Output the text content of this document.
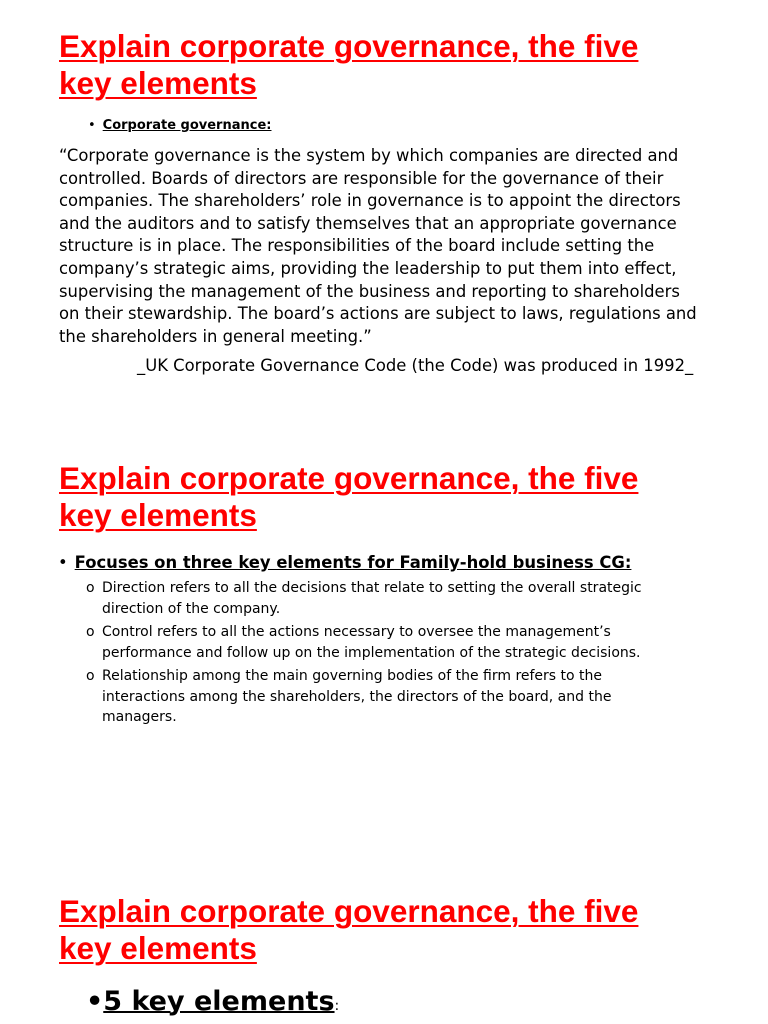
Explain corporate governance, the five
key elements
• Corporate governance:

“Corporate governance is the system by which companies are directed and
controlled. Boards of directors are responsible for the governance of their
companies. The shareholders’ role in governance is to appoint the directors
and the auditors and to satisfy themselves that an appropriate governance
structure is in place. The responsibilities of the board include setting the
company’s strategic aims, providing the leadership to put them into effect,
supervising the management of the business and reporting to shareholders
on their stewardship. The board’s actions are subject to laws, regulations and
the shareholders in general meeting.”

_UK Corporate Governance Code (the Code) was produced in 1992_
Explain corporate governance, the five
key elements
• Focuses on three key elements for Family-hold business CG:
o Direction refers to all the decisions that relate to setting the overall strategic
direction of the company.
o Control refers to all the actions necessary to oversee the management’s
performance and follow up on the implementation of the strategic decisions.
o Relationship among the main governing bodies of the firm refers to the
interactions among the shareholders, the directors of the board, and the
managers.
Explain corporate governance, the five
key elements
•5 key elements:
